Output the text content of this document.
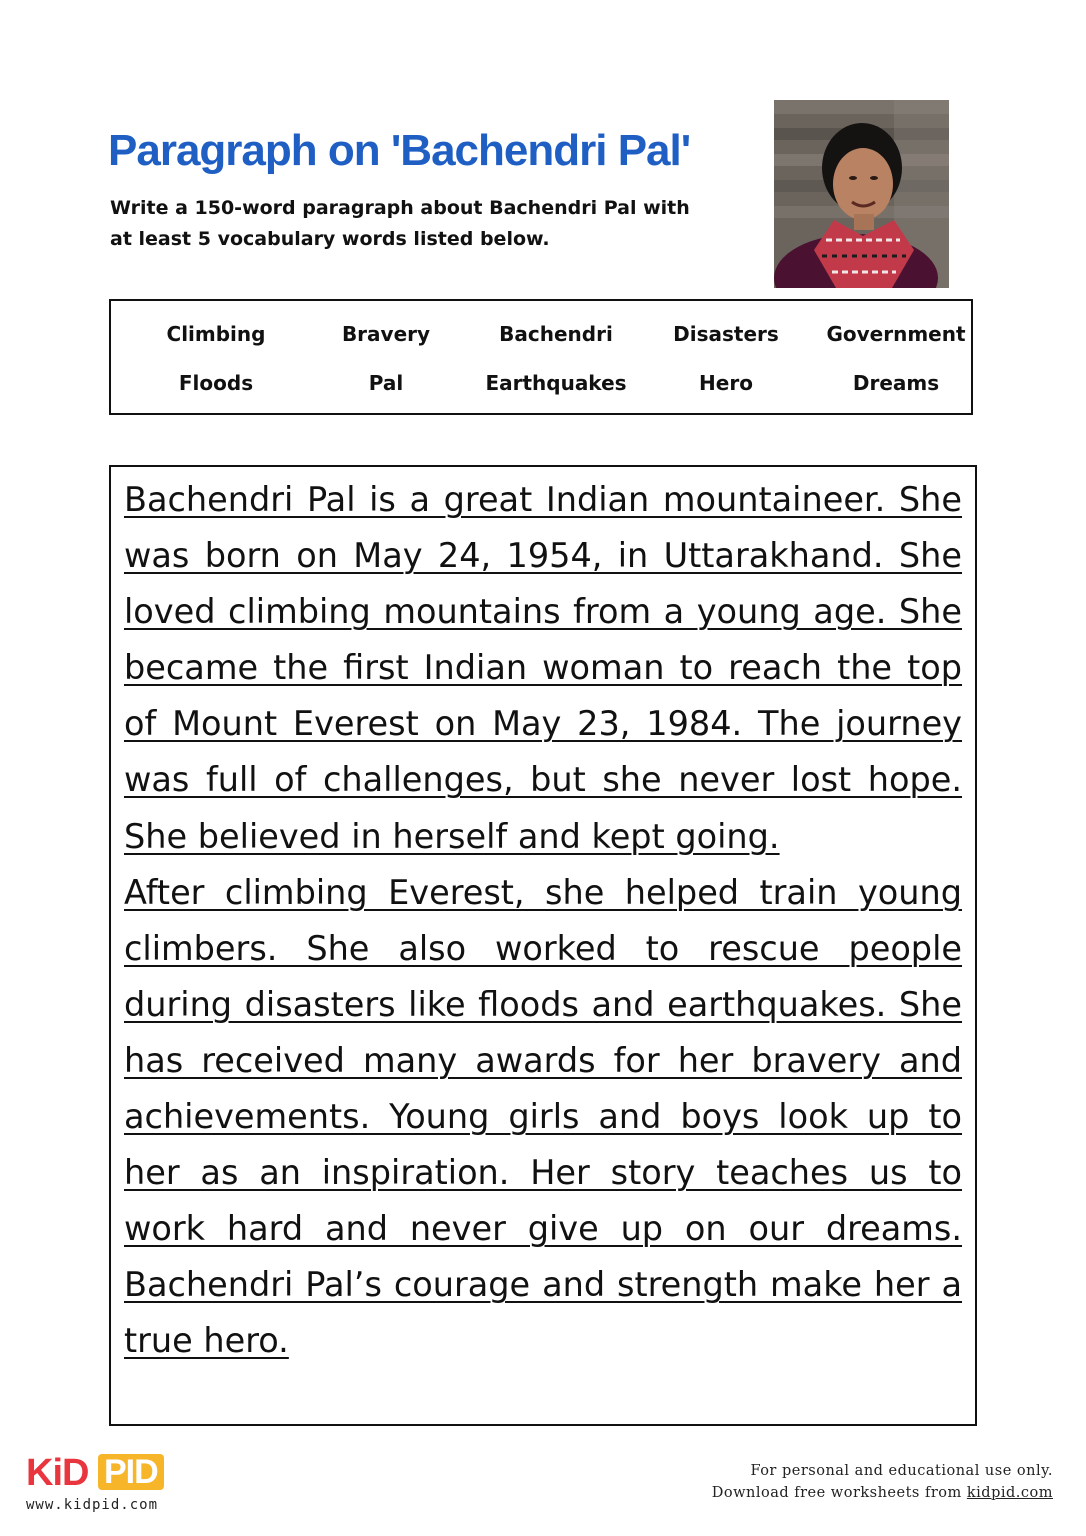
Paragraph on 'Bachendri Pal'
Write a 150-word paragraph about Bachendri Pal with
at least 5 vocabulary words listed below.
Climbing	Bravery	Bachendri	Disasters	Government
Floods	Pal	Earthquakes	Hero	Dreams

Bachendri Pal is a great Indian mountaineer. She was born on May 24, 1954, in Uttarakhand. She loved climbing mountains from a young age. She became the first Indian woman to reach the top of Mount Everest on May 23, 1984. The journey was full of challenges, but she never lost hope. She believed in herself and kept going.

After climbing Everest, she helped train young climbers. She also worked to rescue people during disasters like floods and earthquakes. She has received many awards for her bravery and achievements. Young girls and boys look up to her as an inspiration. Her story teaches us to work hard and never give up on our dreams. Bachendri Pal’s courage and strength make her a true hero.

KiD PID
www.kidpid.com
For personal and educational use only.
Download free worksheets from kidpid.com
